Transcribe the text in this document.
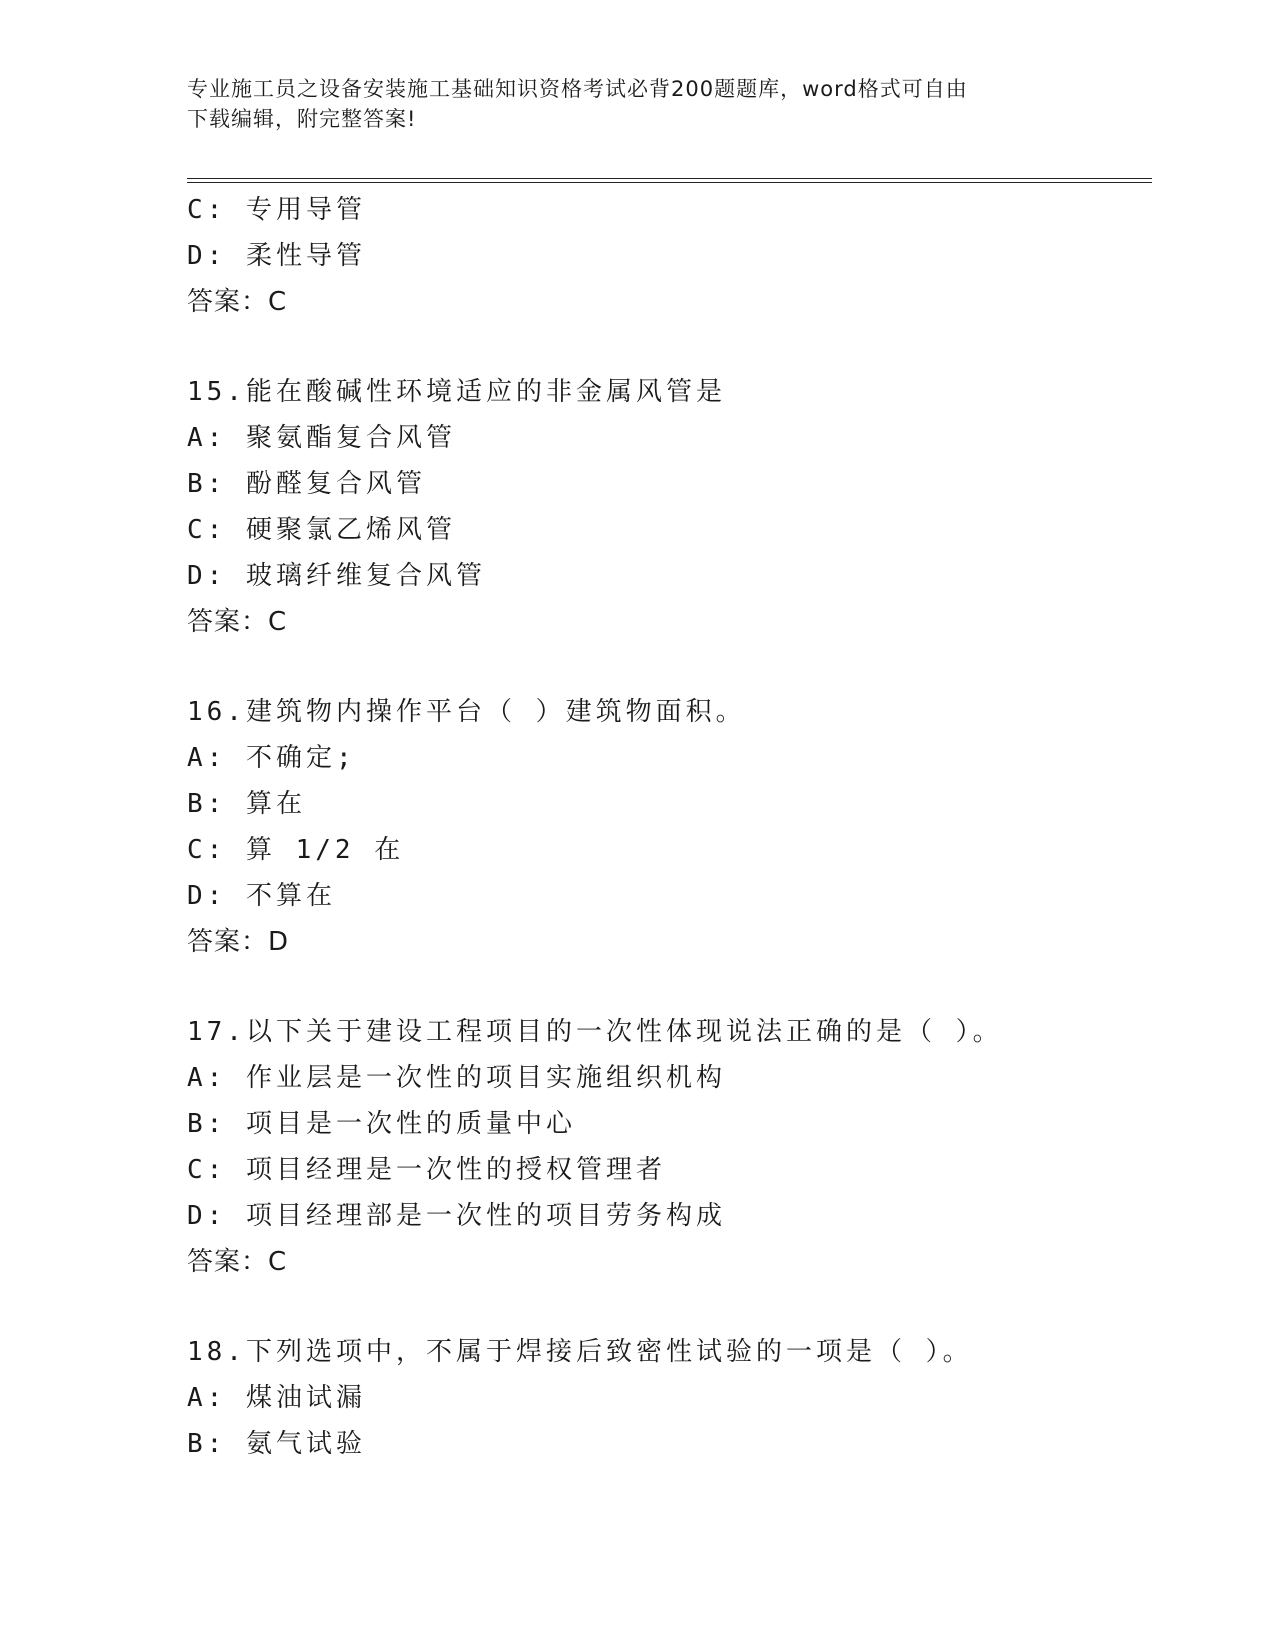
专业施工员之设备安装施工基础知识资格考试必背200题题库，word格式可自由
下载编辑，附完整答案!
C: 专用导管
D: 柔性导管
答案：C
15.能在酸碱性环境适应的非金属风管是
A: 聚氨酯复合风管
B: 酚醛复合风管
C: 硬聚氯乙烯风管
D: 玻璃纤维复合风管
答案：C
16.建筑物内操作平台（ ）建筑物面积。
A: 不确定;
B: 算在
C: 算 1/2 在
D: 不算在
答案：D
17.以下关于建设工程项目的一次性体现说法正确的是（ ）。
A: 作业层是一次性的项目实施组织机构
B: 项目是一次性的质量中心
C: 项目经理是一次性的授权管理者
D: 项目经理部是一次性的项目劳务构成
答案：C
18.下列选项中，不属于焊接后致密性试验的一项是（ ）。
A: 煤油试漏
B: 氨气试验
